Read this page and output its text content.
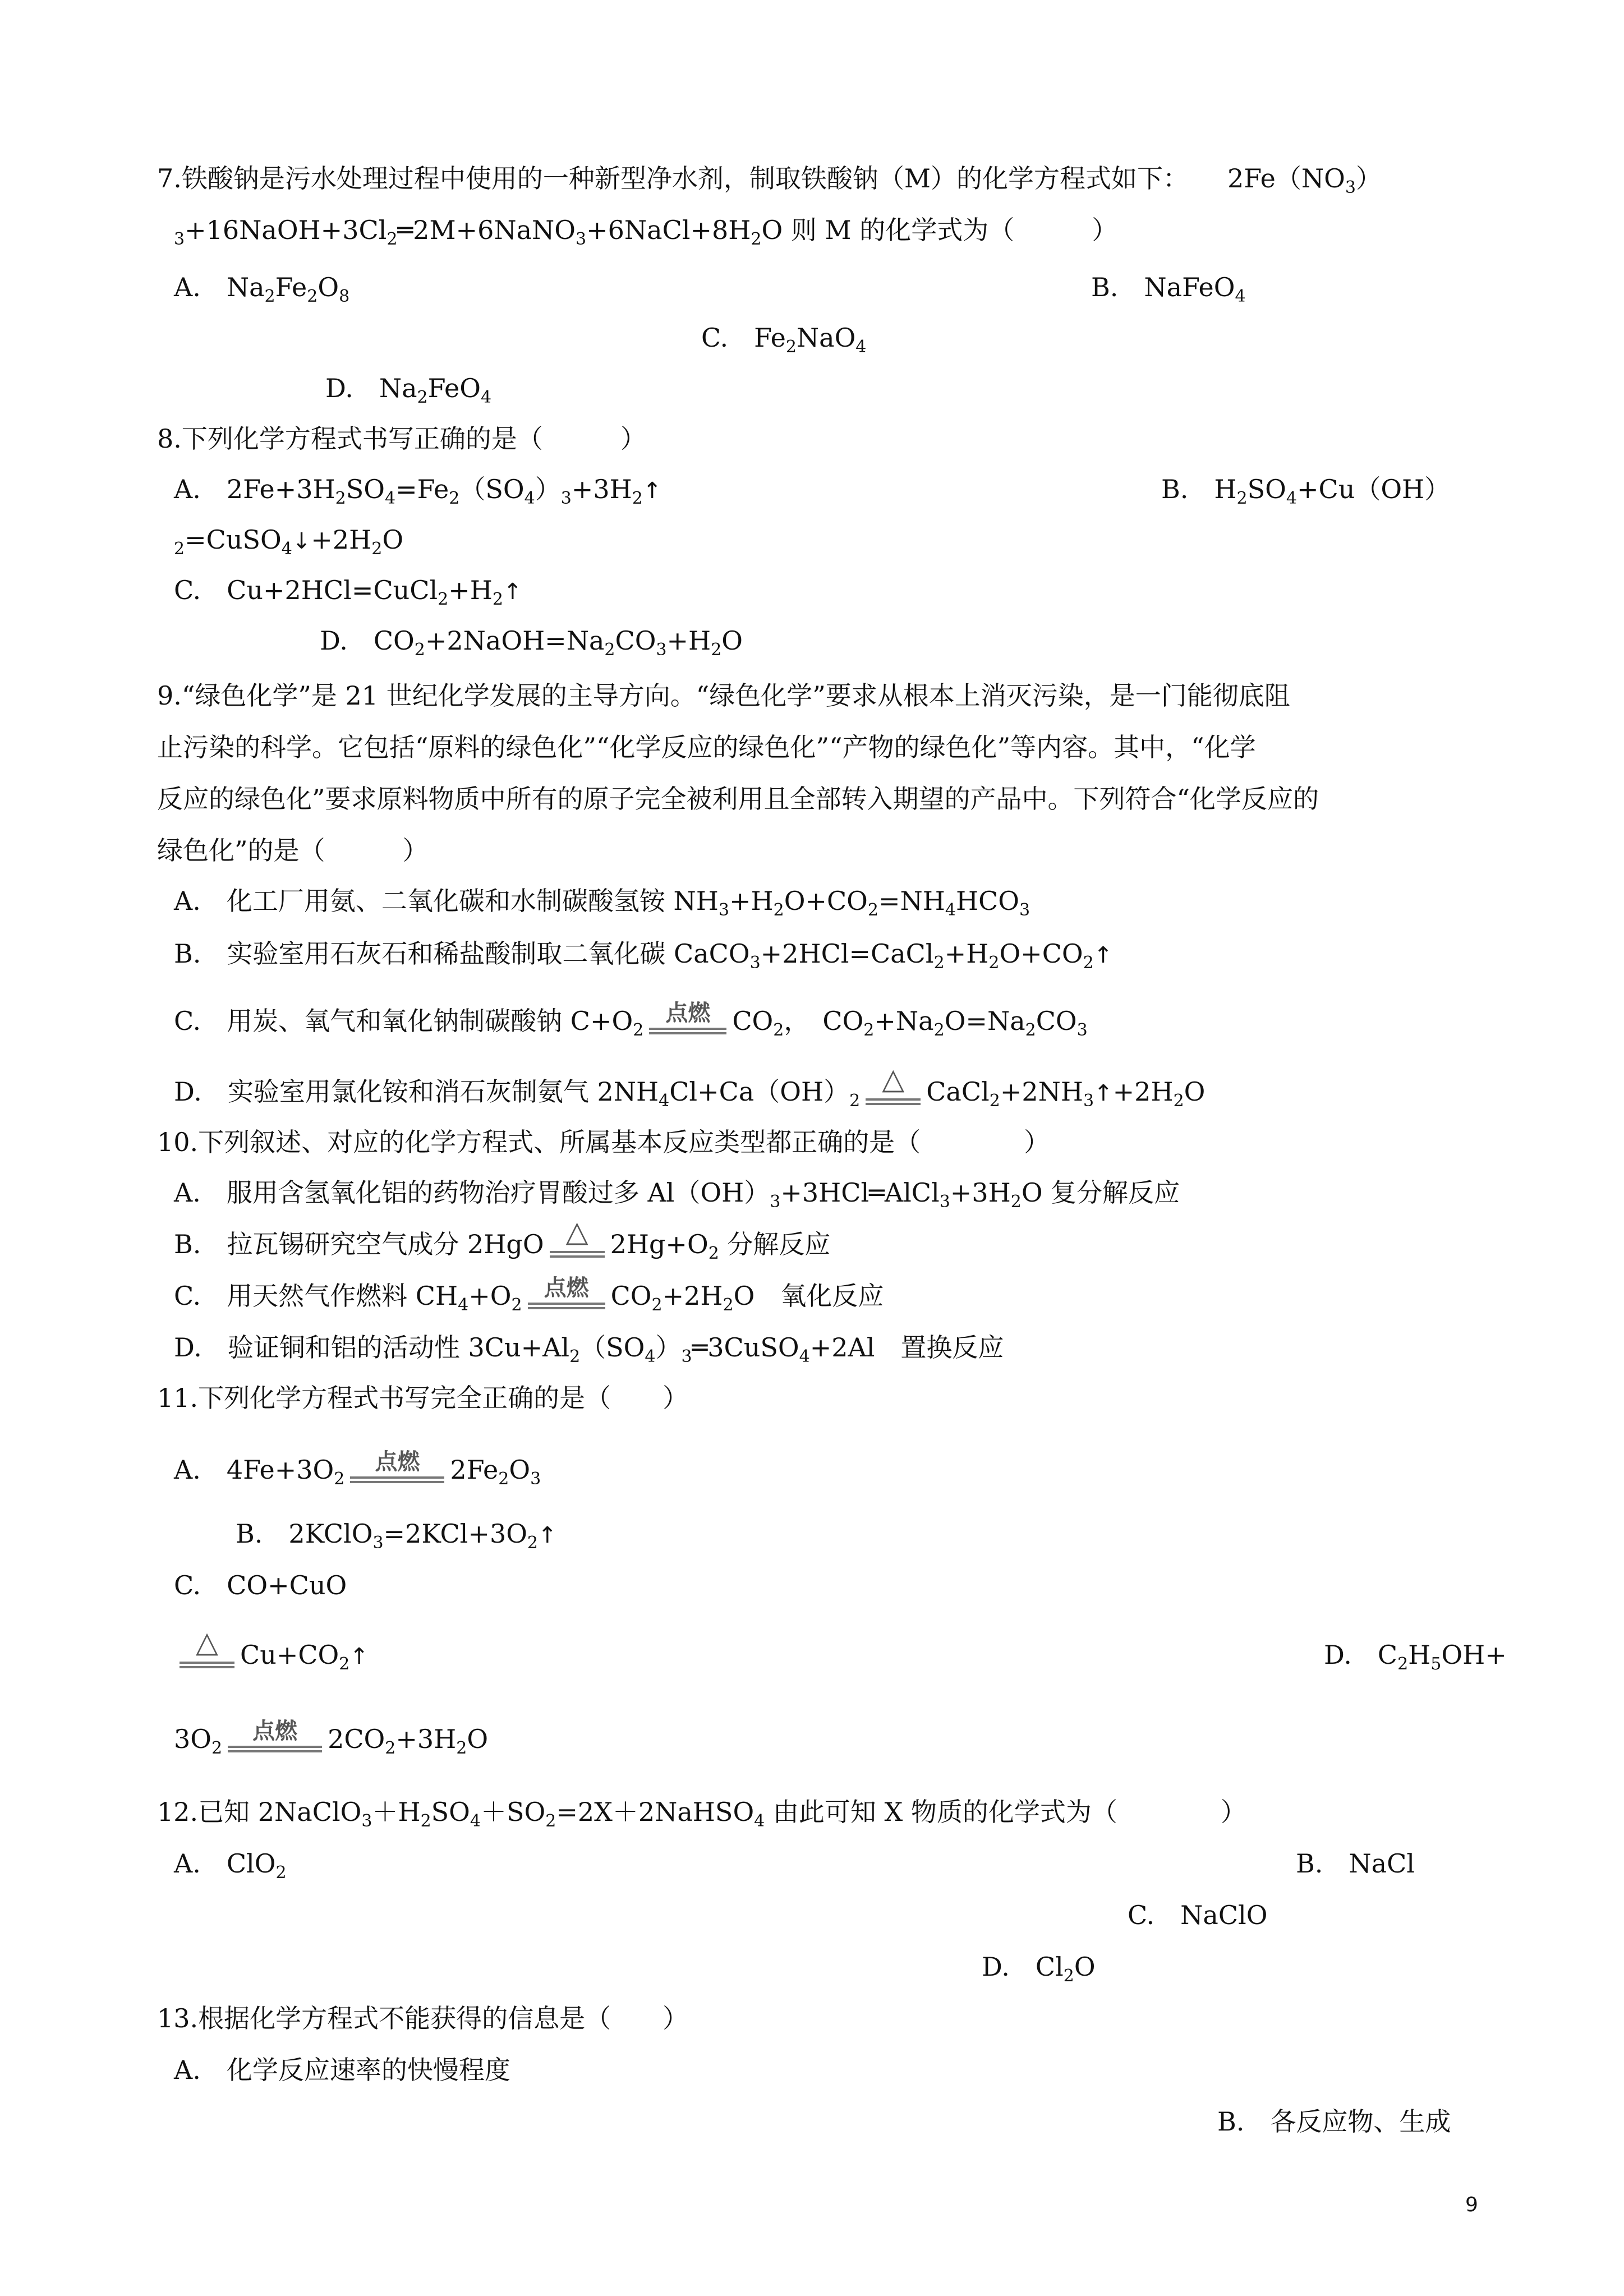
7.铁酸钠是污水处理过程中使用的一种新型净水剂，制取铁酸钠（M）的化学方程式如下：　　 $2Fe(NO_3)$
$_3+16NaOH+3Cl_2═2M+6NaNO_3+6NaCl+8H_2O$ 则 M 的化学式为（　　　）
A.　$Na_2Fe_2O_8$	B.　NaFeO$_4$
C.　$Fe_2NaO_4$
D.　$Na_2FeO_4$
8.下列化学方程式书写正确的是（　　　）
A.　$2Fe+3H_2SO_4=Fe_2(SO_4)_3+3H_2↑$	B.　$H_2SO_4+Cu(OH)$
$_2=CuSO_4↓+2H_2O$
C.　$Cu+2HCl=CuCl_2+H_2↑$
D.　$CO_2+2NaOH=Na_2CO_3+H_2O$
9.“绿色化学”是 21 世纪化学发展的主导方向。“绿色化学”要求从根本上消灭污染，是一门能彻底阻
止污染的科学。它包括“原料的绿色化”“化学反应的绿色化”“产物的绿色化”等内容。其中，“化学
反应的绿色化”要求原料物质中所有的原子完全被利用且全部转入期望的产品中。下列符合“化学反应的
绿色化”的是（　　　）
A.　化工厂用氨、二氧化碳和水制碳酸氢铵 $NH_3+H_2O+CO_2=NH_4HCO_3$
B.　实验室用石灰石和稀盐酸制取二氧化碳 $CaCO_3+2HCl=CaCl_2+H_2O+CO_2↑$
C.　用炭、氧气和氧化钠制碳酸钠 $C+O_2$
点燃 $CO_2$，　$CO_2+Na_2O=Na_2CO_3$
D.　实验室用氯化铵和消石灰制氨气 $2NH_4Cl+Ca(OH)_2$
△ $CaCl_2+2NH_3↑+2H_2O$
10.下列叙述、对应的化学方程式、所属基本反应类型都正确的是（　　　　）
A.　服用含氢氧化铝的药物治疗胃酸过多 $Al(OH)_3+3HCl═AlCl_3+3H_2O$ 复分解反应
B.　拉瓦锡研究空气成分 2HgO △ $2Hg+O_2$ 分解反应
C.　用天然气作燃料 $CH_4+O_2$
点燃 $CO_2+2H_2O$　氧化反应
D.　验证铜和铝的活动性 $3Cu+Al_2(SO_4)_3═3CuSO_4+2Al$　置换反应
11.下列化学方程式书写完全正确的是（　　）
A.　$4Fe+3O_2$
点燃	$2Fe_2O_3$
B.　$2KClO_3=2KCl+3O_2↑$
C.　CO+CuO
△ $Cu+CO_2↑$	D.　$C_2H_5OH+$
$3O_2$
点燃	$2CO_2+3H_2O$
12.已知 $2NaClO_3+H_2SO_4+SO_2=2X+2NaHSO_4$ 由此可知 X 物质的化学式为（　　　　）
A.　ClO$_2$	B.　NaCl
C.　NaClO
D.　$Cl_2O$
13.根据化学方程式不能获得的信息是（　　）
A.　化学反应速率的快慢程度
B.　各反应物、生成
9
